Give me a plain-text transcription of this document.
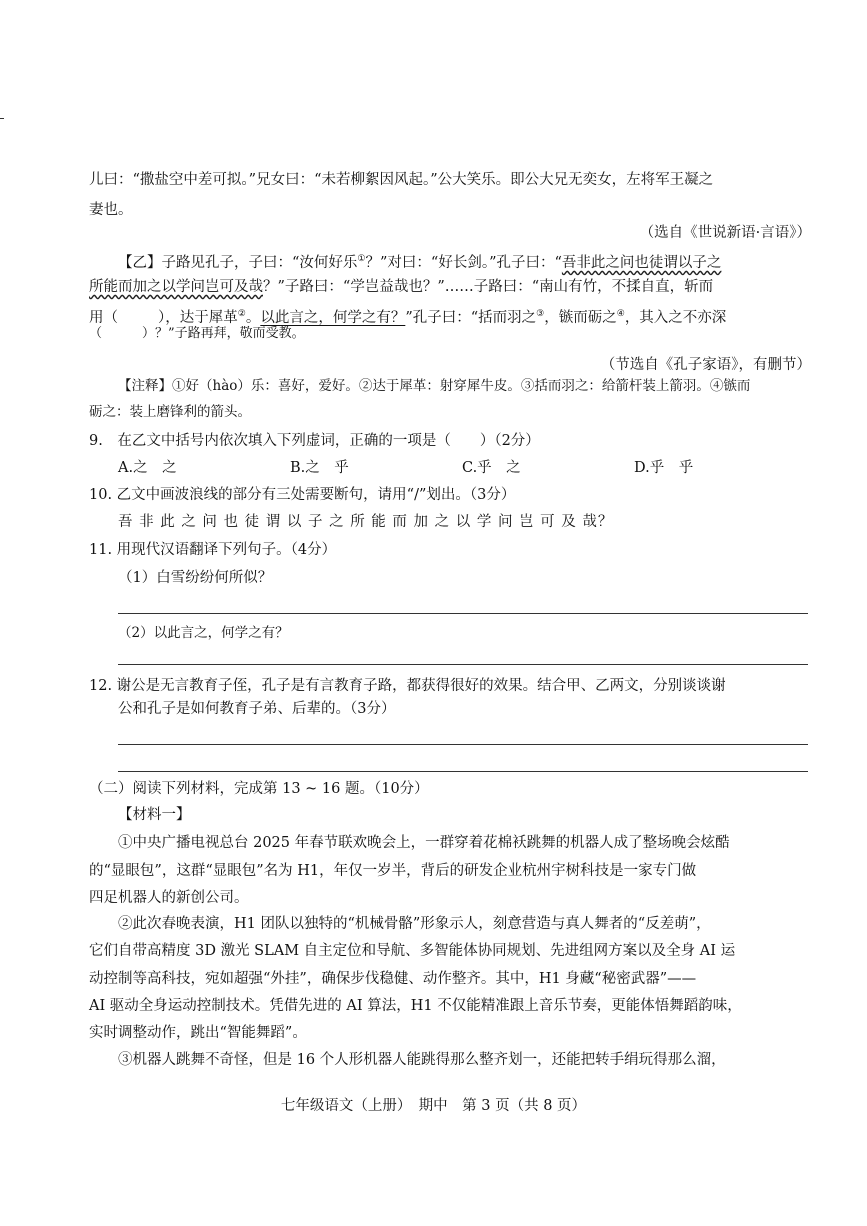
儿曰：“撒盐空中差可拟。”兄女曰：“未若柳絮因风起。”公大笑乐。即公大兄无奕女，左将军王凝之
妻也。
（选自《世说新语·言语》）
【乙】子路见孔子，子曰：“汝何好乐①？”对曰：“好长剑。”孔子曰：“吾非此之问也徒谓以子之
所能而加之以学问岂可及哉？”子路曰：“学岂益哉也？”……子路曰：“南山有竹，不揉自直，斩而
用（	），达于犀革②。以此言之，何学之有？”孔子曰：“括而羽之③，镞而砺之④，其入之不亦深
（	）？”子路再拜，敬而受教。
（节选自《孔子家语》，有删节）
【注释】①好（hào）乐：喜好，爱好。②达于犀革：射穿犀牛皮。③括而羽之：给箭杆装上箭羽。④镞而
砺之：装上磨锋利的箭头。
9.　在乙文中括号内依次填入下列虚词，正确的一项是（　　）（2分）
A.之　之	B.之　乎	C.乎　之	D.乎　乎
10. 乙文中画波浪线的部分有三处需要断句，请用“/”划出。（3分）
吾 非 此 之 问 也 徒 谓 以 子 之 所 能 而 加 之 以 学 问 岂 可 及 哉？
11. 用现代汉语翻译下列句子。（4分）
（1）白雪纷纷何所似？
（2）以此言之，何学之有？
12. 谢公是无言教育子侄，孔子是有言教育子路，都获得很好的效果。结合甲、乙两文，分别谈谈谢
公和孔子是如何教育子弟、后辈的。（3分）
（二）阅读下列材料，完成第 13 ~ 16 题。（10分）
【材料一】
①中央广播电视总台 2025 年春节联欢晚会上，一群穿着花棉袄跳舞的机器人成了整场晚会炫酷
的“显眼包”，这群“显眼包”名为 H1，年仅一岁半，背后的研发企业杭州宇树科技是一家专门做
四足机器人的新创公司。
②此次春晚表演，H1 团队以独特的“机械骨骼”形象示人，刻意营造与真人舞者的“反差萌”，
它们自带高精度 3D 激光 SLAM 自主定位和导航、多智能体协同规划、先进组网方案以及全身 AI 运
动控制等高科技，宛如超强“外挂”，确保步伐稳健、动作整齐。其中，H1 身藏“秘密武器”——
AI 驱动全身运动控制技术。凭借先进的 AI 算法，H1 不仅能精准跟上音乐节奏，更能体悟舞蹈韵味，
实时调整动作，跳出“智能舞蹈”。
③机器人跳舞不奇怪，但是 16 个人形机器人能跳得那么整齐划一，还能把转手绢玩得那么溜，
七年级语文（上册）　期中　第 3 页（共 8 页）
